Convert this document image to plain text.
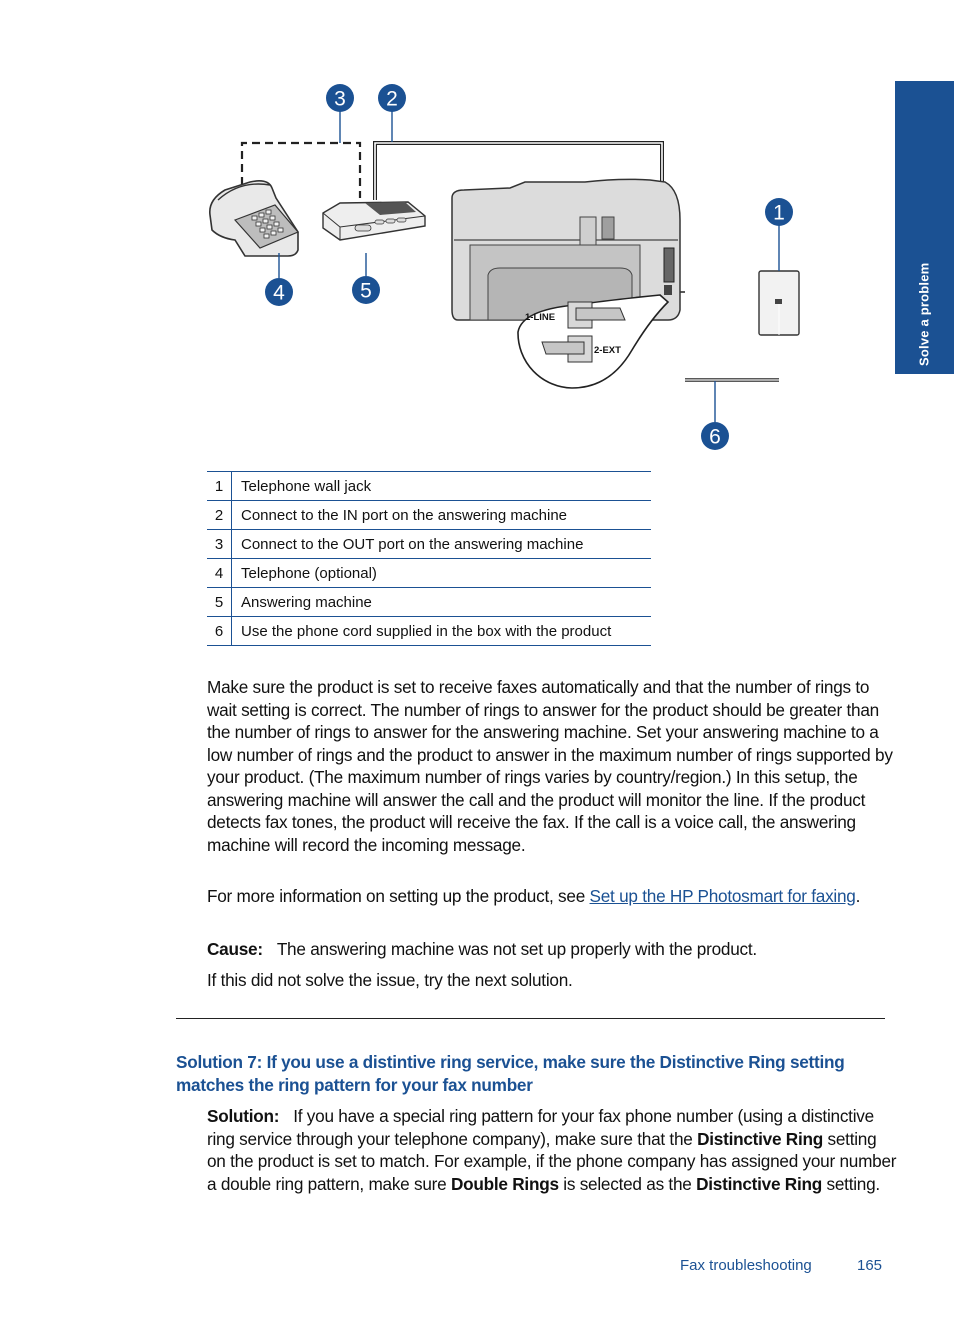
Solve a problem
1-LINE
2-EXT
3 2
1
4	5
6
1	Telephone wall jack
2	Connect to the IN port on the answering machine
3	Connect to the OUT port on the answering machine
4	Telephone (optional)
5	Answering machine
6	Use the phone cord supplied in the box with the product
Make sure the product is set to receive faxes automatically and that the number of rings to wait setting is correct. The number of rings to answer for the product should be greater than the number of rings to answer for the answering machine. Set your answering machine to a low number of rings and the product to answer in the maximum number of rings supported by your product. (The maximum number of rings varies by country/region.) In this setup, the answering machine will answer the call and the product will monitor the line. If the product detects fax tones, the product will receive the fax. If the call is a voice call, the answering machine will record the incoming message.
For more information on setting up the product, see Set up the HP Photosmart for faxing.
Cause: The answering machine was not set up properly with the product.
If this did not solve the issue, try the next solution.
Solution 7: If you use a distintive ring service, make sure the Distinctive Ring setting matches the ring pattern for your fax number
Solution: If you have a special ring pattern for your fax phone number (using a distinctive ring service through your telephone company), make sure that the Distinctive Ring setting on the product is set to match. For example, if the phone company has assigned your number a double ring pattern, make sure Double Rings is selected as the Distinctive Ring setting.
Fax troubleshooting	165
